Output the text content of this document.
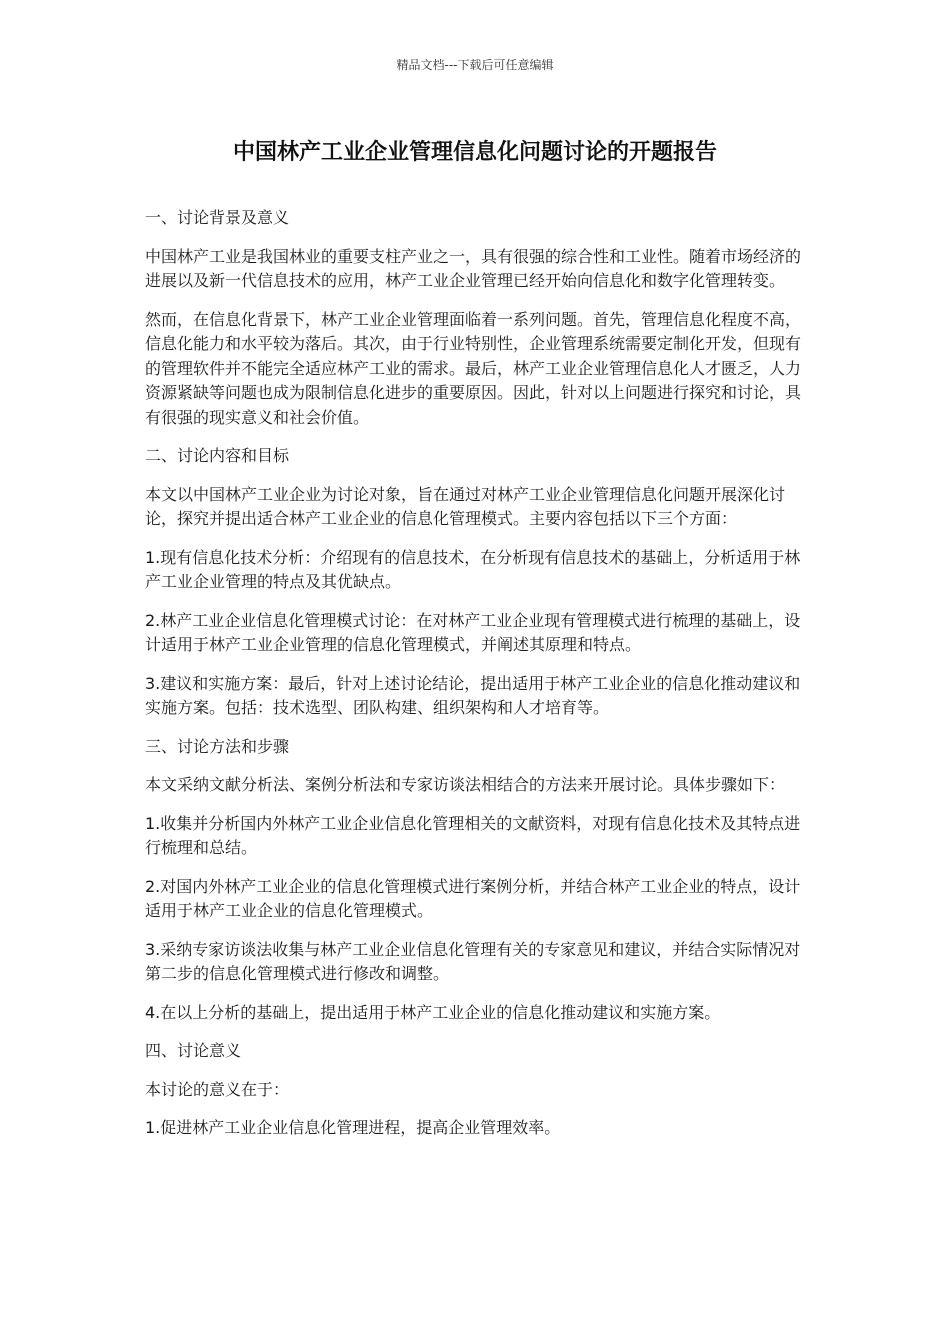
精品文档---下载后可任意编辑
中国林产工业企业管理信息化问题讨论的开题报告

一、讨论背景及意义

中国林产工业是我国林业的重要支柱产业之一，具有很强的综合性和工业性。随着市场经济的进展以及新一代信息技术的应用，林产工业企业管理已经开始向信息化和数字化管理转变。

然而，在信息化背景下，林产工业企业管理面临着一系列问题。首先，管理信息化程度不高，信息化能力和水平较为落后。其次，由于行业特别性，企业管理系统需要定制化开发，但现有的管理软件并不能完全适应林产工业的需求。最后，林产工业企业管理信息化人才匮乏，人力资源紧缺等问题也成为限制信息化进步的重要原因。因此，针对以上问题进行探究和讨论，具有很强的现实意义和社会价值。

二、讨论内容和目标

本文以中国林产工业企业为讨论对象，旨在通过对林产工业企业管理信息化问题开展深化讨论，探究并提出适合林产工业企业的信息化管理模式。主要内容包括以下三个方面：

1.现有信息化技术分析：介绍现有的信息技术，在分析现有信息技术的基础上，分析适用于林产工业企业管理的特点及其优缺点。

2.林产工业企业信息化管理模式讨论：在对林产工业企业现有管理模式进行梳理的基础上，设计适用于林产工业企业管理的信息化管理模式，并阐述其原理和特点。

3.建议和实施方案：最后，针对上述讨论结论，提出适用于林产工业企业的信息化推动建议和实施方案。包括：技术选型、团队构建、组织架构和人才培育等。

三、讨论方法和步骤

本文采纳文献分析法、案例分析法和专家访谈法相结合的方法来开展讨论。具体步骤如下：

1.收集并分析国内外林产工业企业信息化管理相关的文献资料，对现有信息化技术及其特点进行梳理和总结。

2.对国内外林产工业企业的信息化管理模式进行案例分析，并结合林产工业企业的特点，设计适用于林产工业企业的信息化管理模式。

3.采纳专家访谈法收集与林产工业企业信息化管理有关的专家意见和建议，并结合实际情况对第二步的信息化管理模式进行修改和调整。

4.在以上分析的基础上，提出适用于林产工业企业的信息化推动建议和实施方案。

四、讨论意义

本讨论的意义在于：

1.促进林产工业企业信息化管理进程，提高企业管理效率。
